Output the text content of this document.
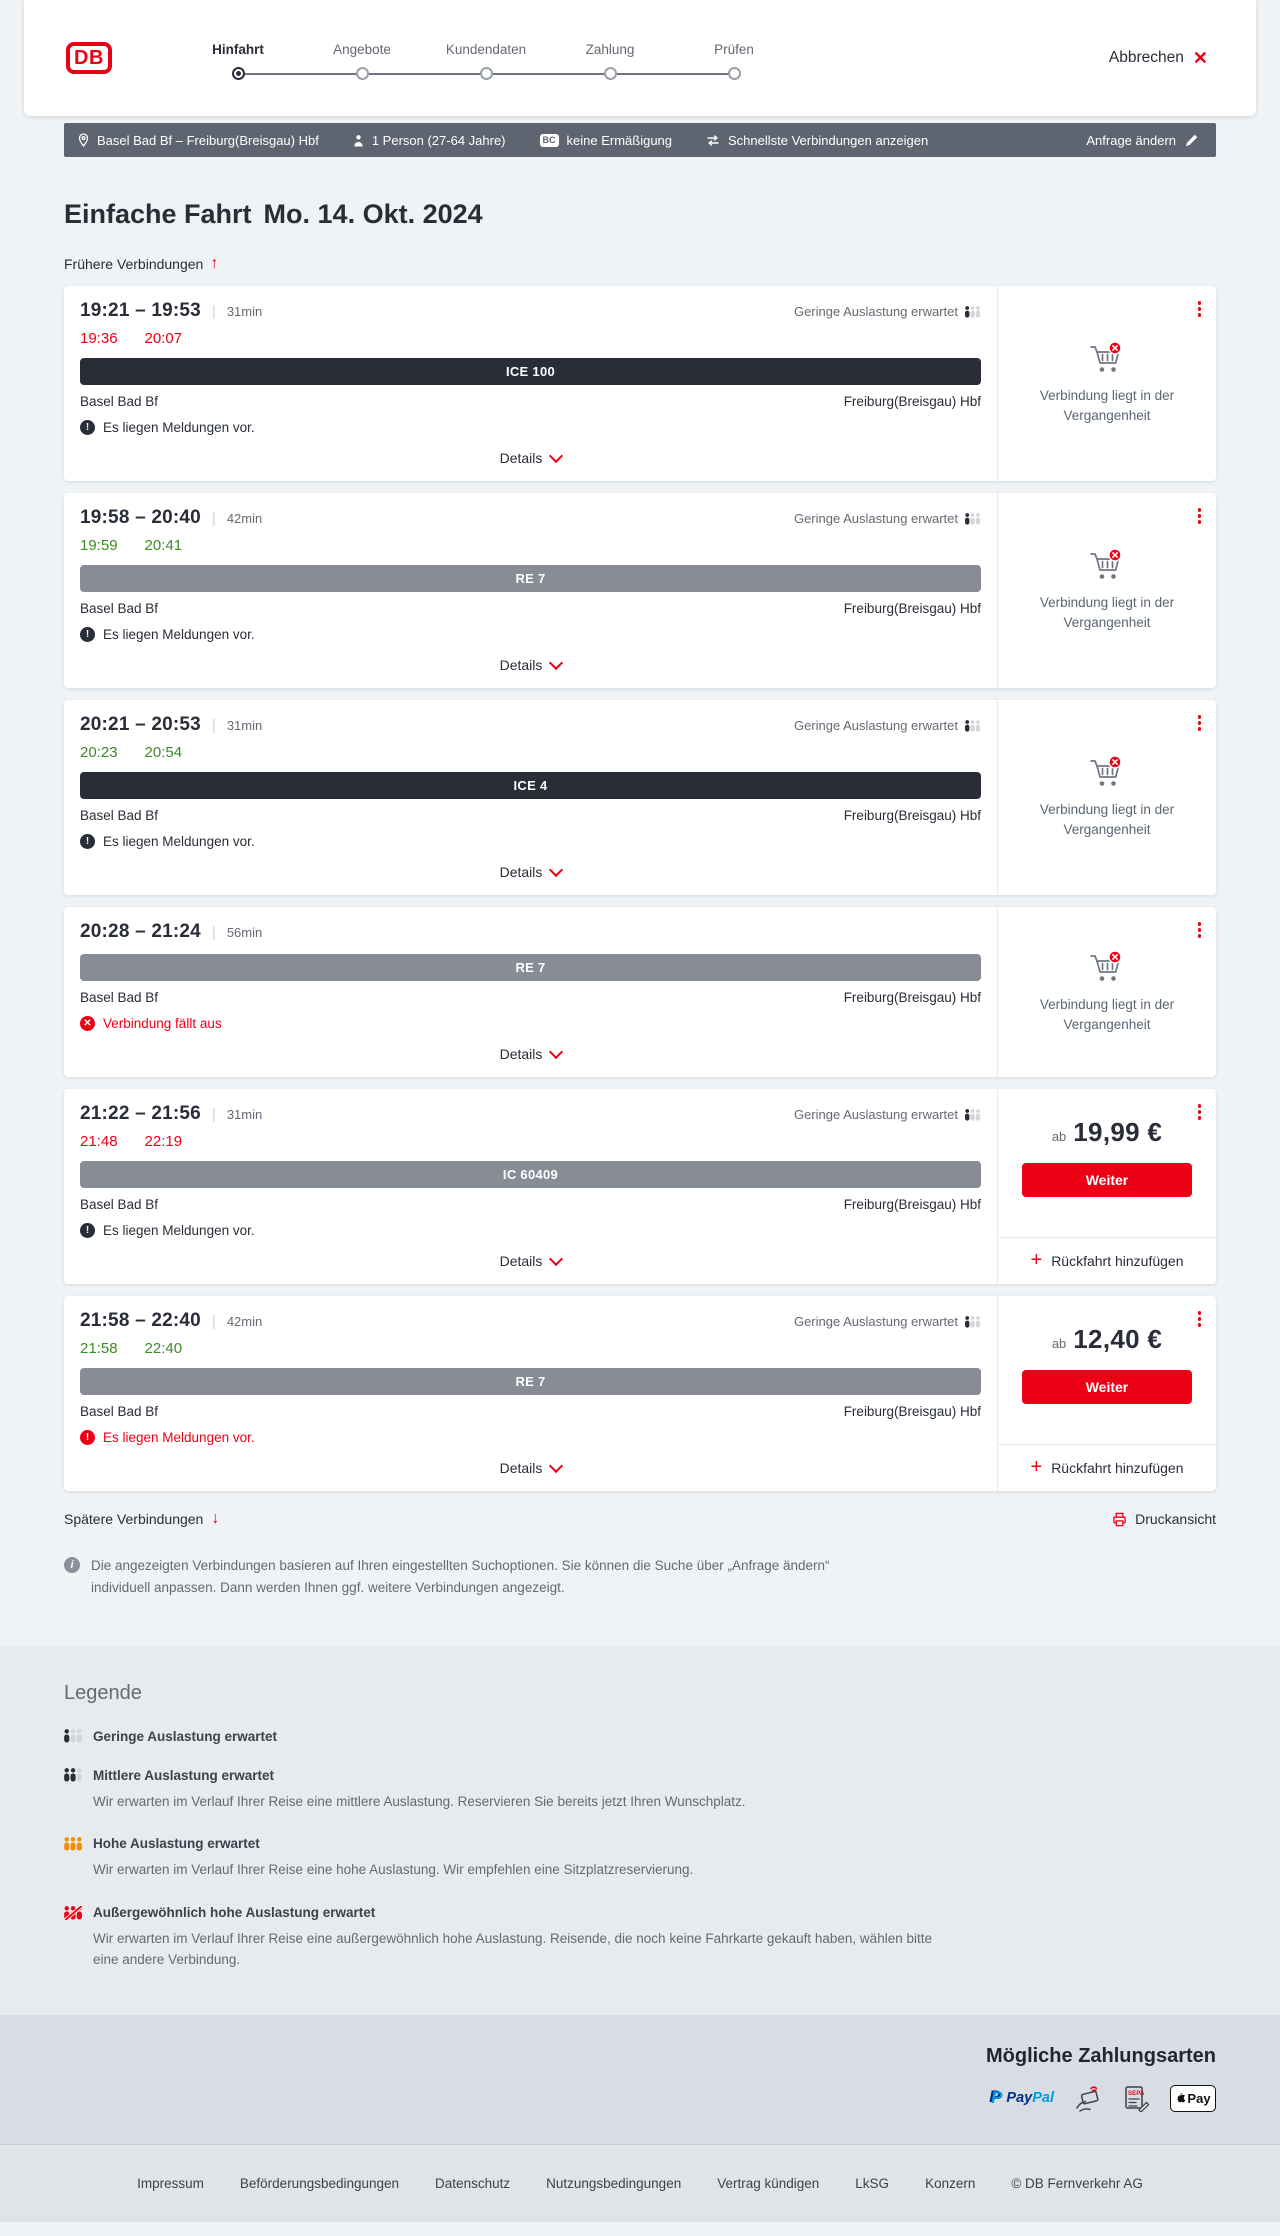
DB	Hinfahrt	Angebote	Kundendaten	Zahlung	Prüfen	Abbrechen ✕
Basel Bad Bf – Freiburg(Breisgau) Hbf	1 Person (27-64 Jahre)	BC keine Ermäßigung	Schnellste Verbindungen anzeigen	Anfrage ändern
Einfache Fahrt Mo. 14. Okt. 2024
Frühere Verbindungen ↑
19:21 – 19:53 | 31min	Geringe Auslastung erwartet
19:36 20:07
ICE 100
Basel Bad Bf	Freiburg(Breisgau) Hbf
!	Es liegen Meldungen vor.
Details

Verbindung liegt in der Vergangenheit

19:58 – 20:40 | 42min	Geringe Auslastung erwartet
19:59 20:41
RE 7
Basel Bad Bf	Freiburg(Breisgau) Hbf
!	Es liegen Meldungen vor.
Details

Verbindung liegt in der Vergangenheit

20:21 – 20:53 | 31min	Geringe Auslastung erwartet
20:23 20:54
ICE 4
Basel Bad Bf	Freiburg(Breisgau) Hbf
!	Es liegen Meldungen vor.
Details

Verbindung liegt in der Vergangenheit

20:28 – 21:24 | 56min
RE 7
Basel Bad Bf	Freiburg(Breisgau) Hbf
✕ Verbindung fällt aus
Details

Verbindung liegt in der Vergangenheit

21:22 – 21:56 | 31min	Geringe Auslastung erwartet
21:48 22:19
IC 60409
Basel Bad Bf	Freiburg(Breisgau) Hbf
!	Es liegen Meldungen vor.
Details
ab 19,99 €
Weiter
+ Rückfahrt hinzufügen
21:58 – 22:40 | 42min	Geringe Auslastung erwartet
21:58 22:40
RE 7
Basel Bad Bf	Freiburg(Breisgau) Hbf
!	Es liegen Meldungen vor.
Details
ab 12,40 €
Weiter
+ Rückfahrt hinzufügen
Spätere Verbindungen ↓	Druckansicht
i	Die angezeigten Verbindungen basieren auf Ihren eingestellten Suchoptionen. Sie können die Suche über „Anfrage ändern“ individuell anpassen. Dann werden Ihnen ggf. weitere Verbindungen angezeigt.

Legende
Geringe Auslastung erwartet
Mittlere Auslastung erwartet

Wir erwarten im Verlauf Ihrer Reise eine mittlere Auslastung. Reservieren Sie bereits jetzt Ihren Wunschplatz.

Hohe Auslastung erwartet

Wir erwarten im Verlauf Ihrer Reise eine hohe Auslastung. Wir empfehlen eine Sitzplatzreservierung.

Außergewöhnlich hohe Auslastung erwartet

Wir erwarten im Verlauf Ihrer Reise eine außergewöhnlich hohe Auslastung. Reisende, die noch keine Fahrkarte gekauft haben, wählen bitte eine andere Verbindung.

Mögliche Zahlungsarten
P PayPal	SEPA	Pay
Impressum	Beförderungsbedingungen	Datenschutz	Nutzungsbedingungen	Vertrag kündigen	LkSG	Konzern	© DB Fernverkehr AG
